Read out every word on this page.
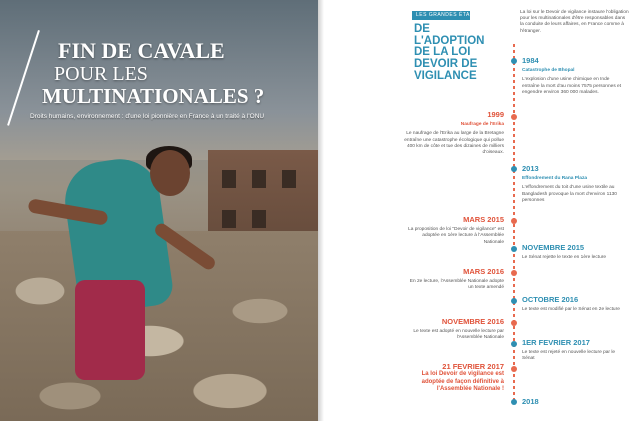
FIN DE CAVALE
POUR LES
MULTINATIONALES ?
Droits humains, environnement : d'une loi pionnière en France à un traité à l'ONU
LES GRANDES ÉTAPES
DE L'ADOPTION DE LA LOI DEVOIR DE VIGILANCE
La loi sur le Devoir de vigilance instaure l'obligation pour les multinationales d'être responsables dans la conduite de leurs affaires, en France comme à l'étranger.
1984
Catastrophe de Bhopal
L'explosion d'une usine chimique en Inde entraîne la mort d'au moins 7575 personnes et engendre environ 360 000 malades.
1999
Naufrage de l'Erika
Le naufrage de l'Erika au large de la Bretagne entraîne une catastrophe écologique qui pollue 400 km de côte et tue des dizaines de milliers d'oiseaux.
2013
Effondrement du Rana Plaza
L'effondrement du toit d'une usine textile au Bangladesh provoque la mort d'environ 1130 personnes
MARS 2015
La proposition de loi "Devoir de vigilance" est adoptée en 1ère lecture à l'Assemblée Nationale
NOVEMBRE 2015
Le Sénat rejette le texte en 1ère lecture
MARS 2016
En 2e lecture, l'Assemblée Nationale adopte un texte amendé
OCTOBRE 2016
Le texte est modifié par le Sénat en 2e lecture
NOVEMBRE 2016
Le texte est adopté en nouvelle lecture par l'Assemblée Nationale
1ER FEVRIER 2017
Le texte est rejeté en nouvelle lecture par le Sénat
21 FEVRIER 2017
La loi Devoir de vigilance est adoptée de façon définitive à l'Assemblée Nationale !
2018
